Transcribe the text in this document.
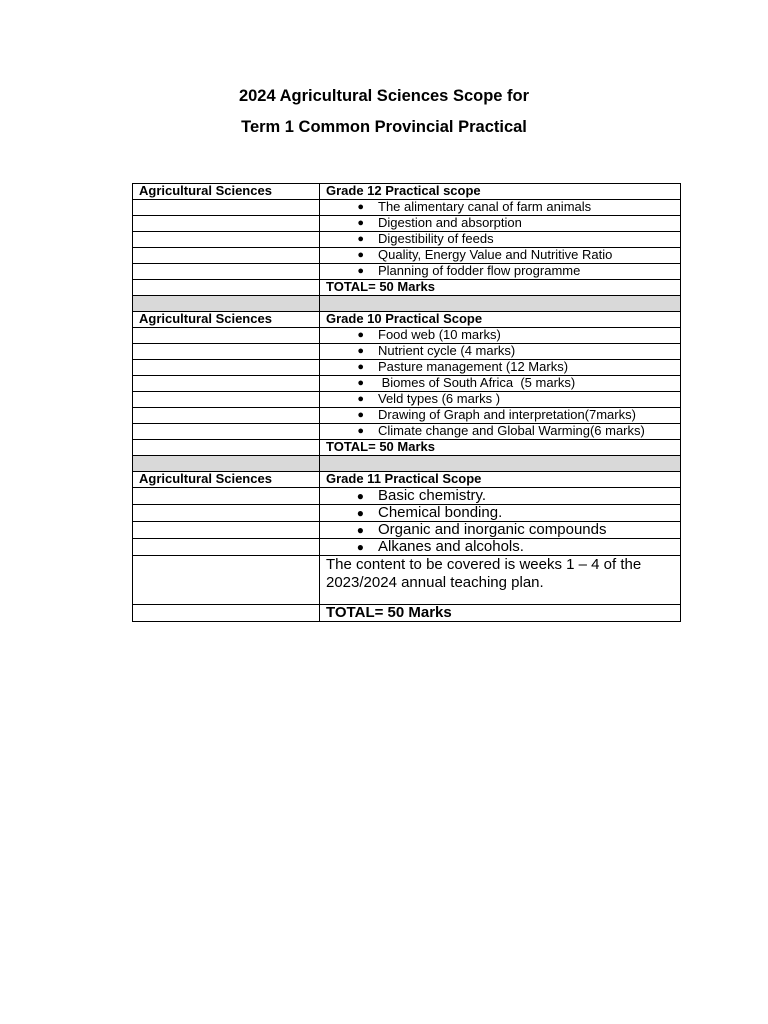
2024 Agricultural Sciences Scope for
Term 1 Common Provincial Practical
Agricultural Sciences	Grade 12 Practical scope
	● The alimentary canal of farm animals
	● Digestion and absorption
	● Digestibility of feeds
	● Quality, Energy Value and Nutritive Ratio
	● Planning of fodder flow programme
	TOTAL= 50 Marks

Agricultural Sciences	Grade 10 Practical Scope
	● Food web (10 marks)
	● Nutrient cycle (4 marks)
	● Pasture management (12 Marks)
	● Biomes of South Africa  (5 marks)
	● Veld types (6 marks )
	● Drawing of Graph and interpretation(7marks)
	● Climate change and Global Warming(6 marks)
	TOTAL= 50 Marks

Agricultural Sciences	Grade 11 Practical Scope
	● Basic chemistry.
	● Chemical bonding.
	● Organic and inorganic compounds
	● Alkanes and alcohols.
	The content to be covered is weeks 1 – 4 of the 2023/2024 annual teaching plan.
	TOTAL= 50 Marks
